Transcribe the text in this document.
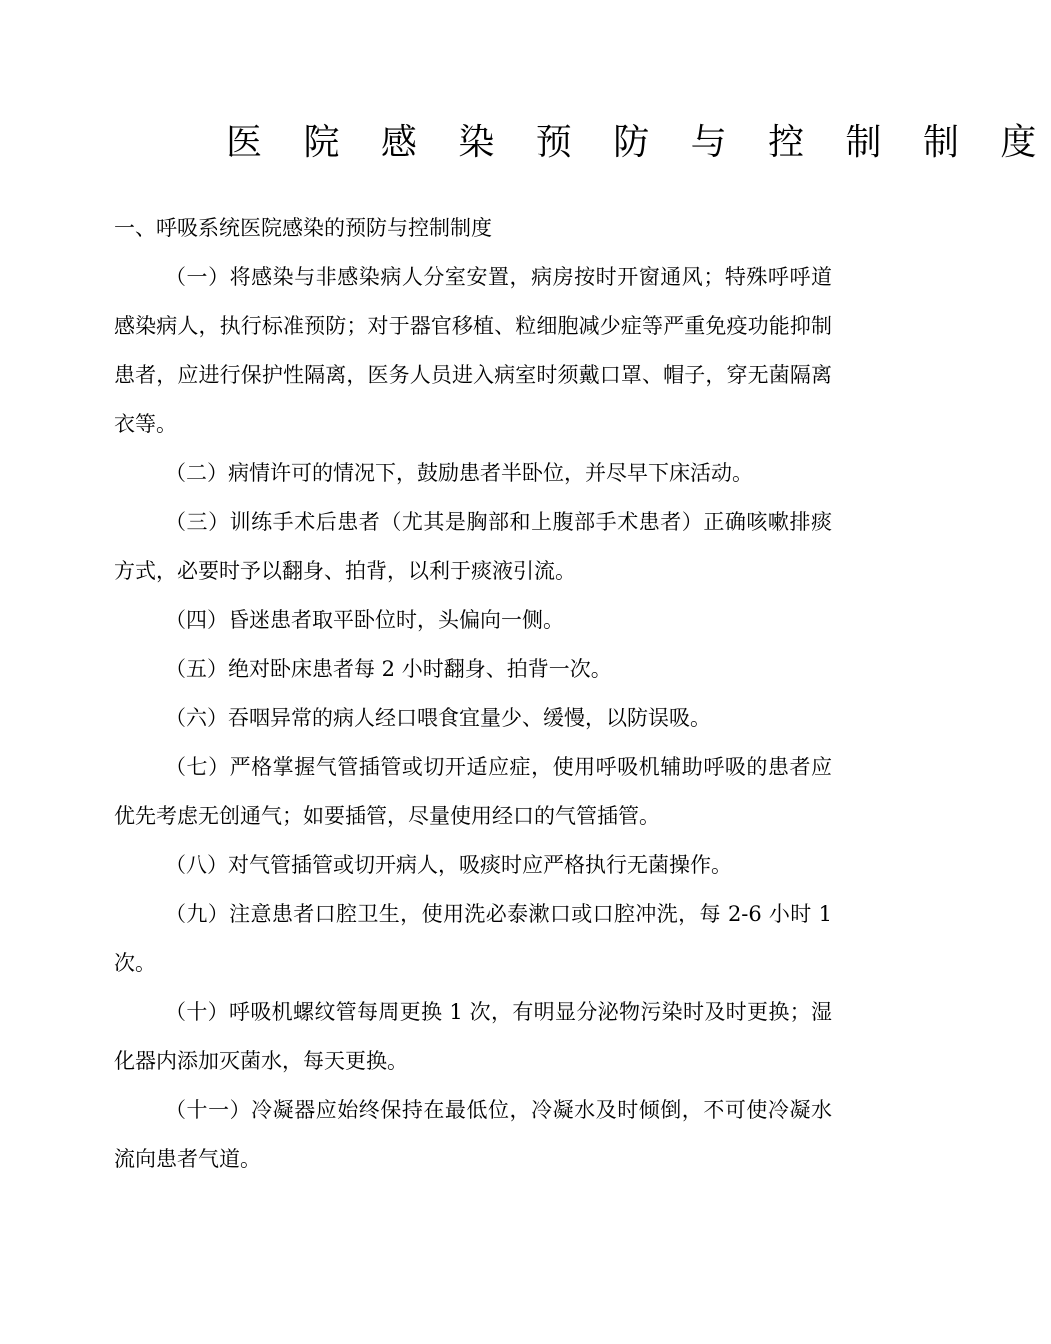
医 院 感 染 预 防 与 控 制 制 度

一、呼吸系统医院感染的预防与控制制度

（一）将感染与非感染病人分室安置，病房按时开窗通风；特殊呼呼道感染病人，执行标准预防；对于器官移植、粒细胞减少症等严重免疫功能抑制患者，应进行保护性隔离，医务人员进入病室时须戴口罩、帽子，穿无菌隔离衣等。

（二）病情许可的情况下，鼓励患者半卧位，并尽早下床活动。

（三）训练手术后患者（尤其是胸部和上腹部手术患者）正确咳嗽排痰方式，必要时予以翻身、拍背，以利于痰液引流。

（四）昏迷患者取平卧位时，头偏向一侧。

（五）绝对卧床患者每 2 小时翻身、拍背一次。

（六）吞咽异常的病人经口喂食宜量少、缓慢，以防误吸。

（七）严格掌握气管插管或切开适应症，使用呼吸机辅助呼吸的患者应优先考虑无创通气；如要插管，尽量使用经口的气管插管。

（八）对气管插管或切开病人，吸痰时应严格执行无菌操作。

（九）注意患者口腔卫生，使用洗必泰漱口或口腔冲洗，每 2-6 小时 1 次。

（十）呼吸机螺纹管每周更换 1 次，有明显分泌物污染时及时更换；湿化器内添加灭菌水，每天更换。

（十一）冷凝器应始终保持在最低位，冷凝水及时倾倒，不可使冷凝水流向患者气道。
